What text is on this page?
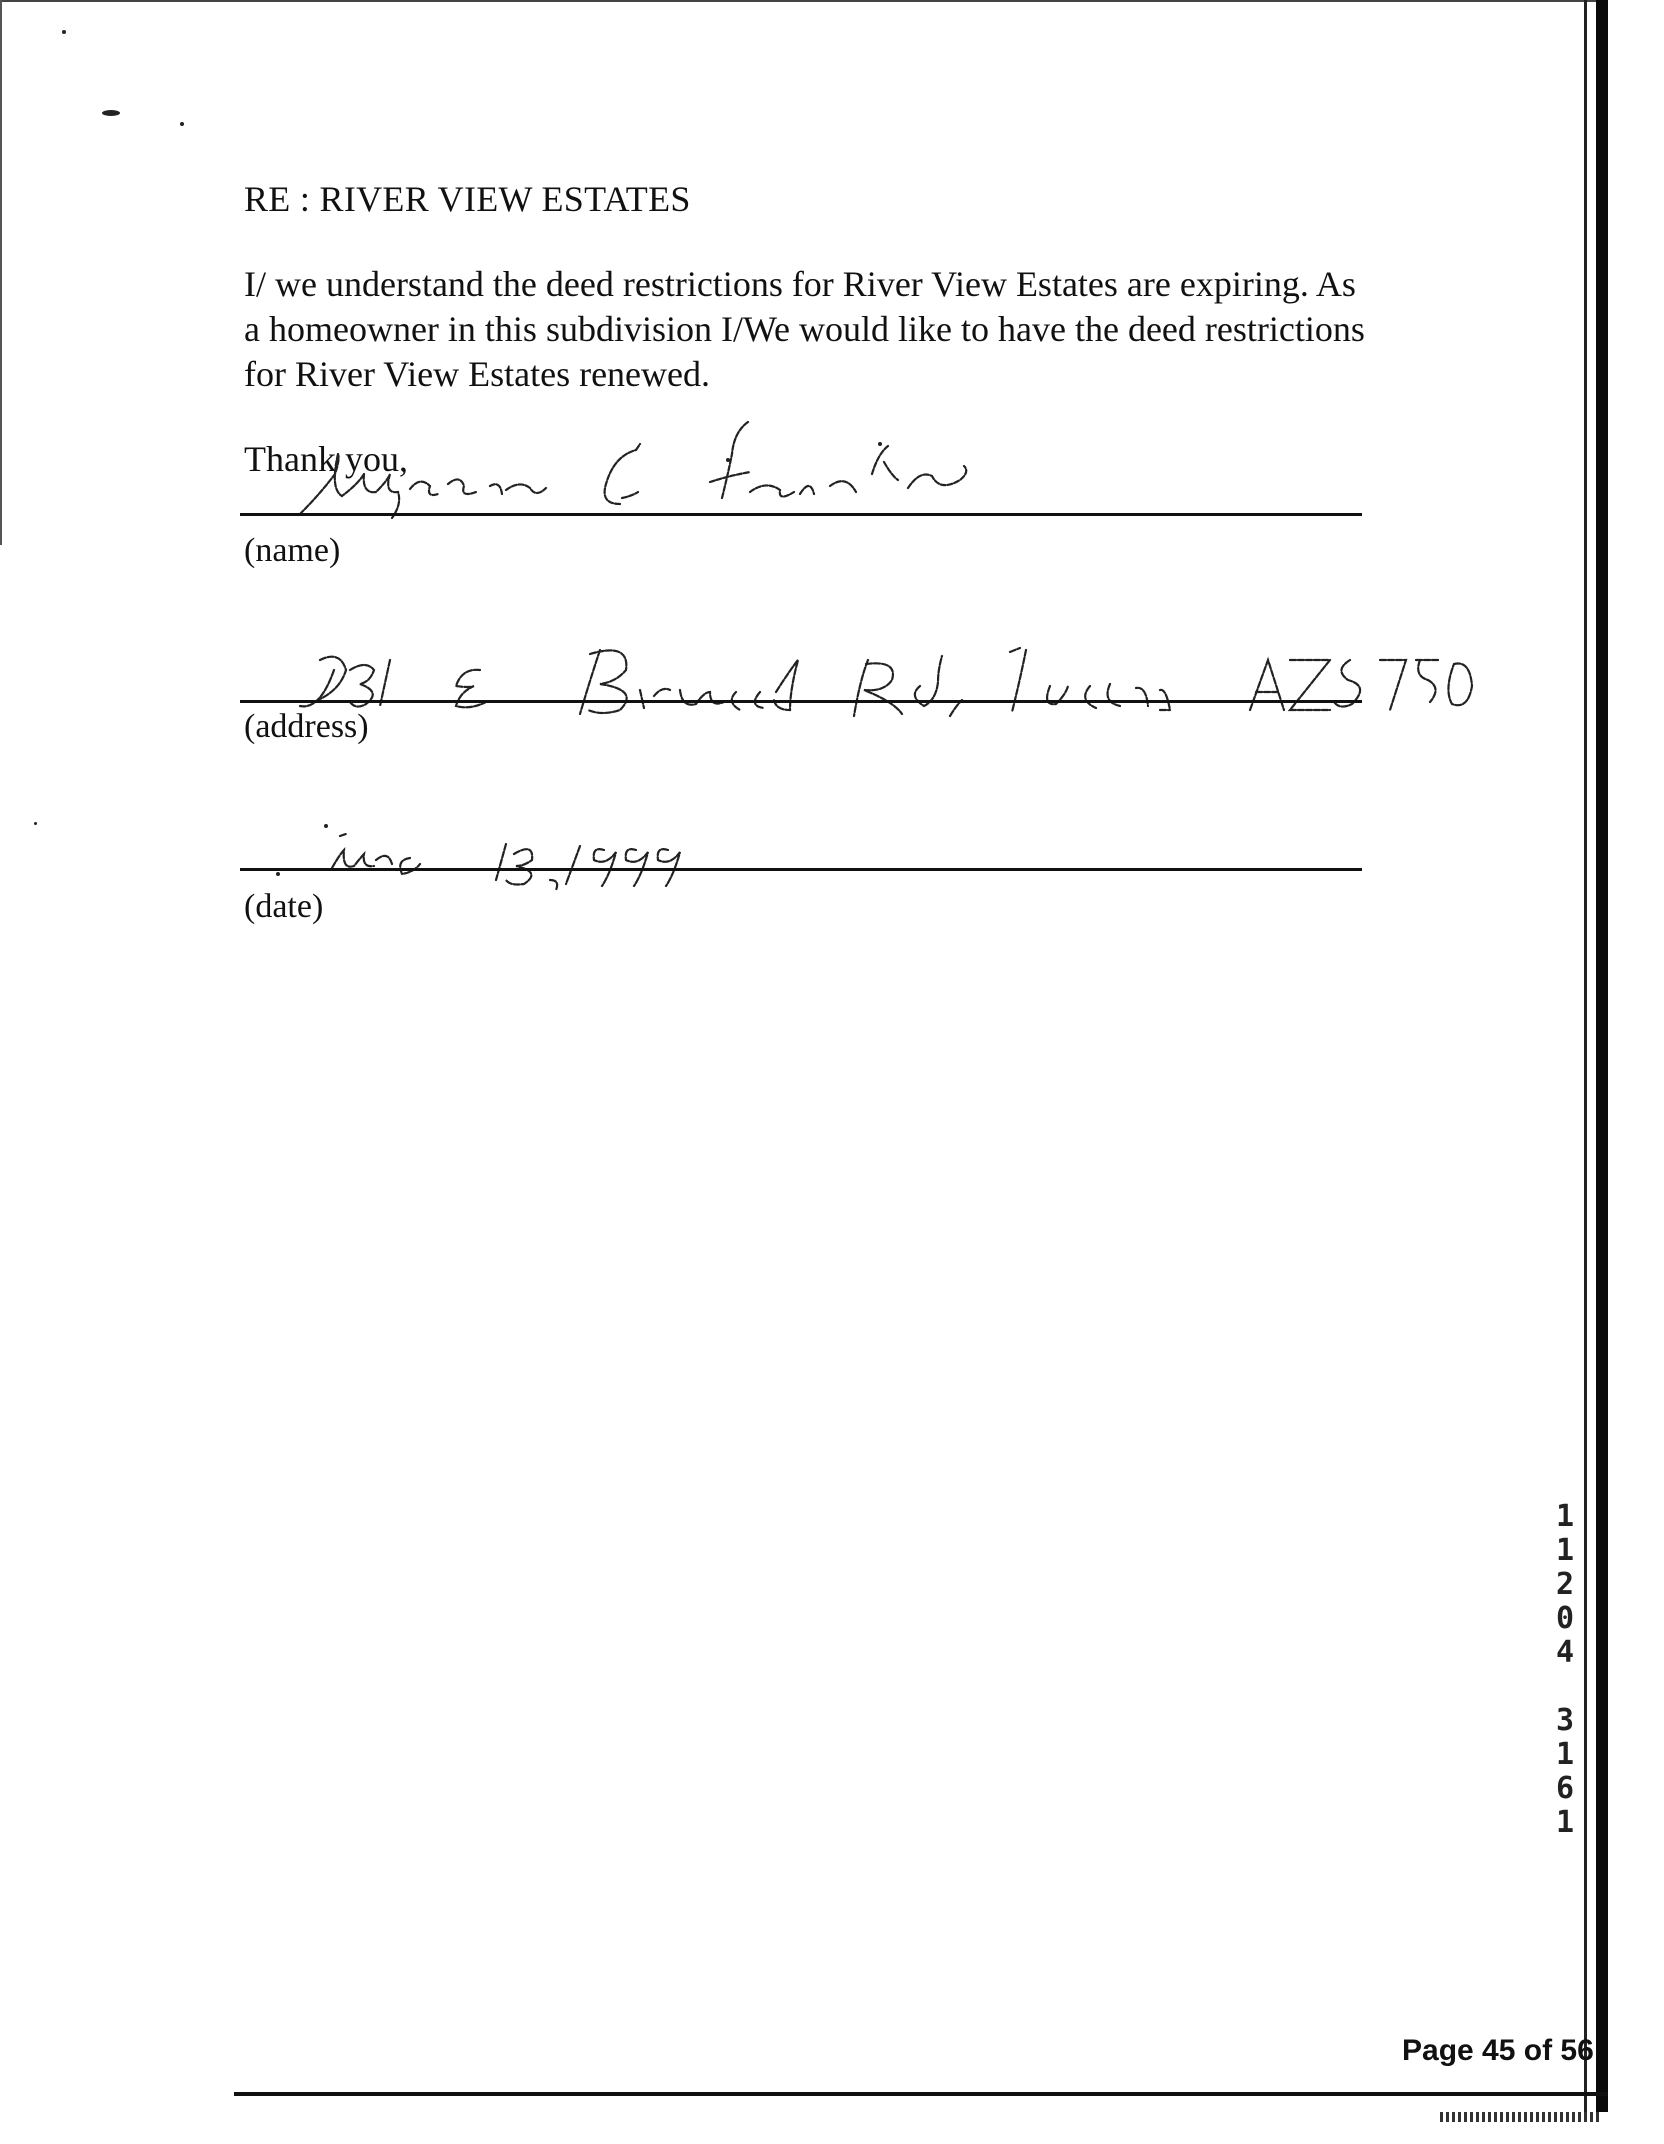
RE : RIVER VIEW ESTATES
I/ we understand the deed restrictions for River View Estates are expiring. As a homeowner in this subdivision I/We would like to have the deed restrictions for River View Estates renewed.
Thank you,
(name)
(address)
(date)
1
1
2
0
4

3
1
6
1
Page 45 of 56
